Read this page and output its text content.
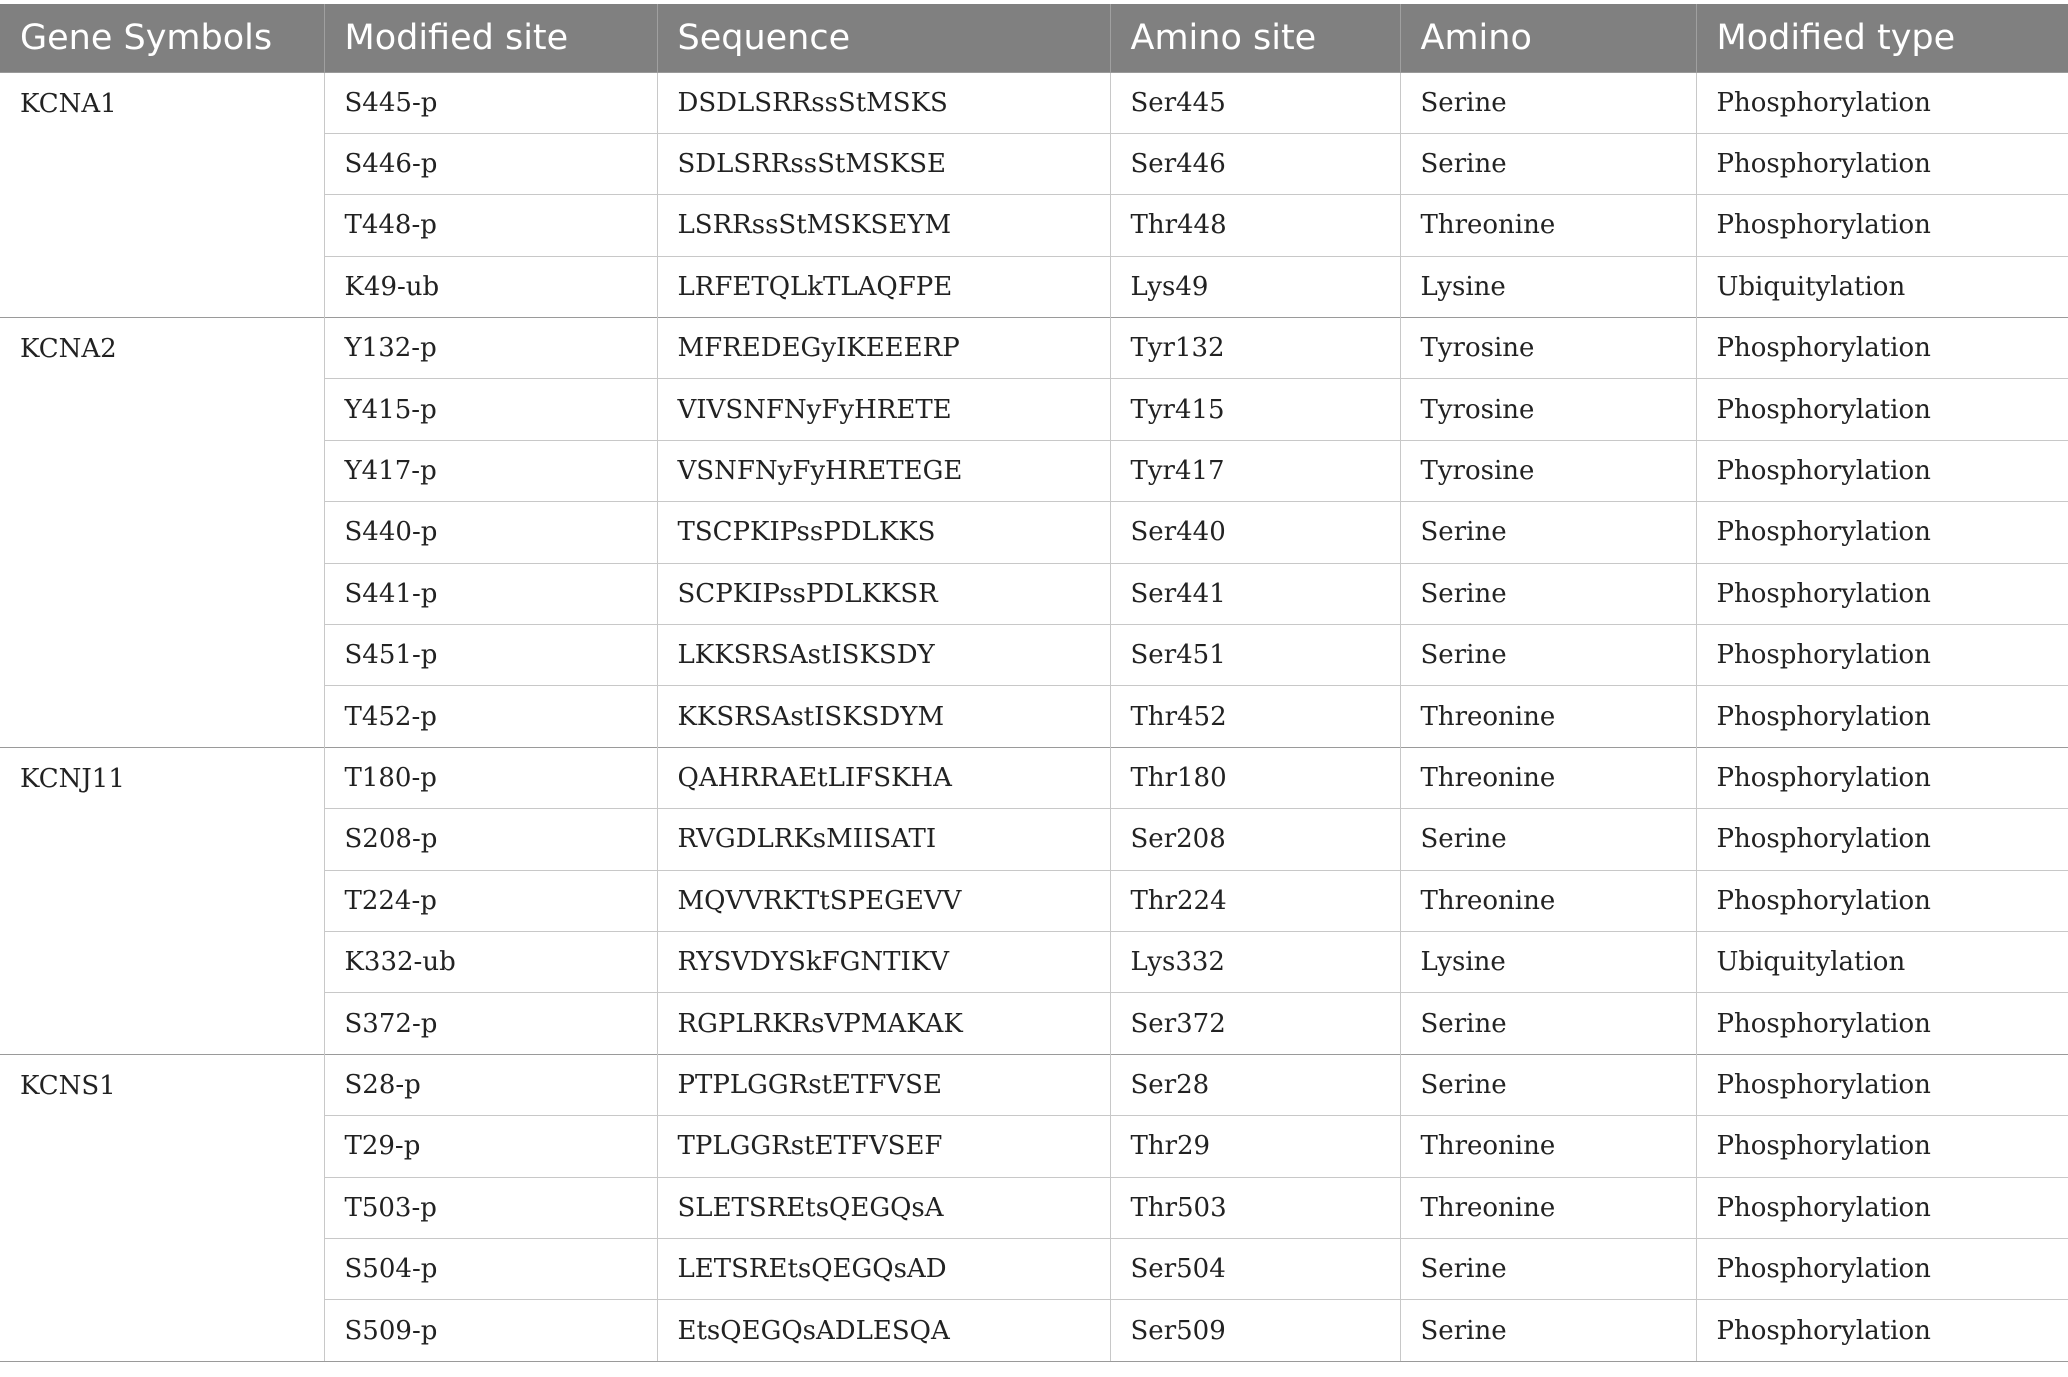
Gene Symbols	Modified site	Sequence	Amino site	Amino	Modified type
KCNA1	S445-p	DSDLSRRssStMSKS	Ser445	Serine	Phosphorylation
	S446-p	SDLSRRssStMSKSE	Ser446	Serine	Phosphorylation
	T448-p	LSRRssStMSKSEYM	Thr448	Threonine	Phosphorylation
	K49-ub	LRFETQLkTLAQFPE	Lys49	Lysine	Ubiquitylation
KCNA2	Y132-p	MFREDEGyIKEEERP	Tyr132	Tyrosine	Phosphorylation
	Y415-p	VIVSNFNyFyHRETE	Tyr415	Tyrosine	Phosphorylation
	Y417-p	VSNFNyFyHRETEGE	Tyr417	Tyrosine	Phosphorylation
	S440-p	TSCPKIPssPDLKKS	Ser440	Serine	Phosphorylation
	S441-p	SCPKIPssPDLKKSR	Ser441	Serine	Phosphorylation
	S451-p	LKKSRSAstISKSDY	Ser451	Serine	Phosphorylation
	T452-p	KKSRSAstISKSDYM	Thr452	Threonine	Phosphorylation
KCNJ11	T180-p	QAHRRAEtLIFSKHA	Thr180	Threonine	Phosphorylation
	S208-p	RVGDLRKsMIISATI	Ser208	Serine	Phosphorylation
	T224-p	MQVVRKTtSPEGEVV	Thr224	Threonine	Phosphorylation
	K332-ub	RYSVDYSkFGNTIKV	Lys332	Lysine	Ubiquitylation
	S372-p	RGPLRKRsVPMAKAK	Ser372	Serine	Phosphorylation
KCNS1	S28-p	PTPLGGRstETFVSE	Ser28	Serine	Phosphorylation
	T29-p	TPLGGRstETFVSEF	Thr29	Threonine	Phosphorylation
	T503-p	SLETSREtsQEGQsA	Thr503	Threonine	Phosphorylation
	S504-p	LETSREtsQEGQsAD	Ser504	Serine	Phosphorylation
	S509-p	EtsQEGQsADLESQA	Ser509	Serine	Phosphorylation
